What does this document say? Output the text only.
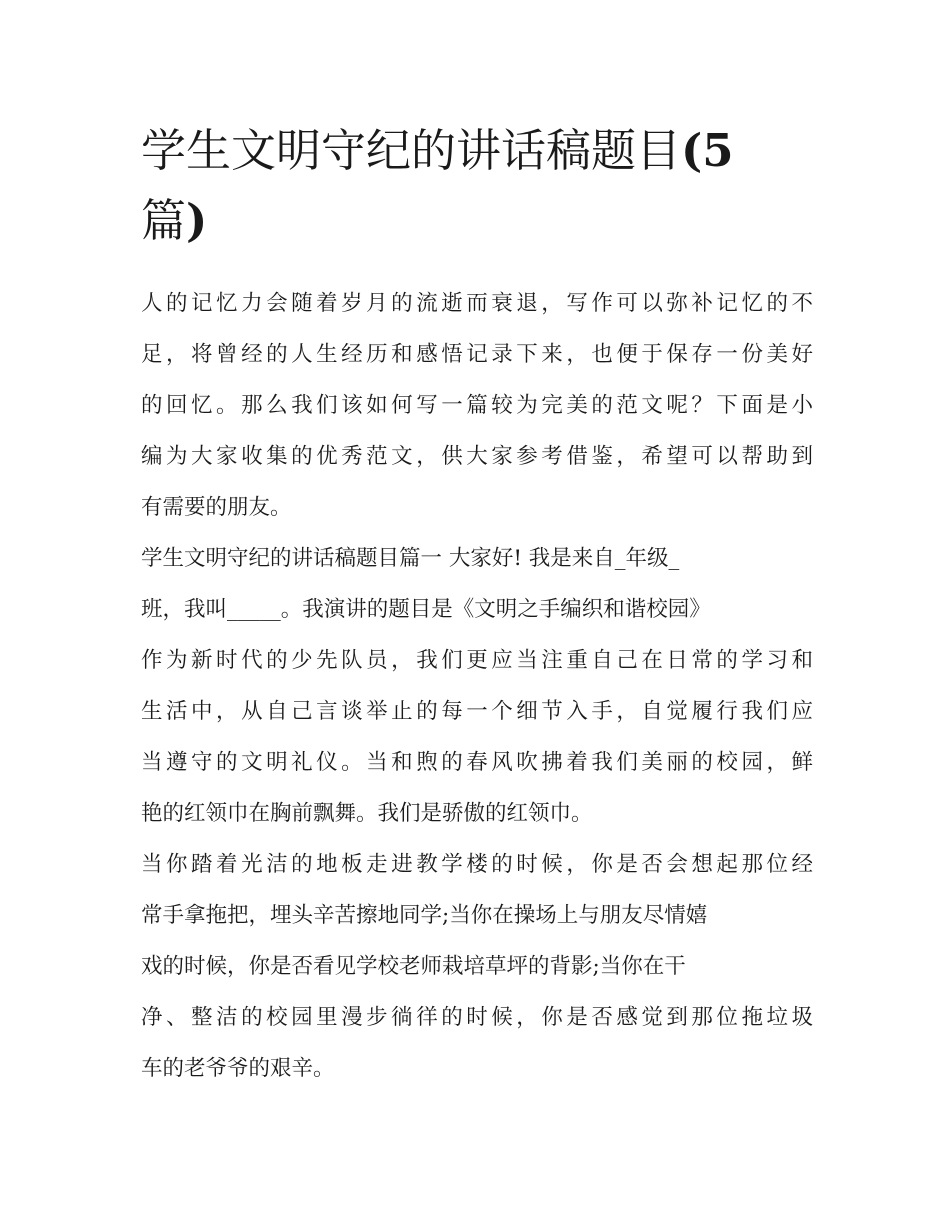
学生文明守纪的讲话稿题目(5
篇)
人的记忆力会随着岁月的流逝而衰退，写作可以弥补记忆的不
足，将曾经的人生经历和感悟记录下来，也便于保存一份美好
的回忆。那么我们该如何写一篇较为完美的范文呢？下面是小
编为大家收集的优秀范文，供大家参考借鉴，希望可以帮助到
有需要的朋友。
学生文明守纪的讲话稿题目篇一 大家好! 我是来自_年级_
班，我叫_____。我演讲的题目是《文明之手编织和谐校园》
作为新时代的少先队员，我们更应当注重自己在日常的学习和
生活中，从自己言谈举止的每一个细节入手，自觉履行我们应
当遵守的文明礼仪。当和煦的春风吹拂着我们美丽的校园，鲜
艳的红领巾在胸前飘舞。我们是骄傲的红领巾。
当你踏着光洁的地板走进教学楼的时候，你是否会想起那位经
常手拿拖把，埋头辛苦擦地同学;当你在操场上与朋友尽情嬉
戏的时候，你是否看见学校老师栽培草坪的背影;当你在干
净、整洁的校园里漫步徜徉的时候，你是否感觉到那位拖垃圾
车的老爷爷的艰辛。
